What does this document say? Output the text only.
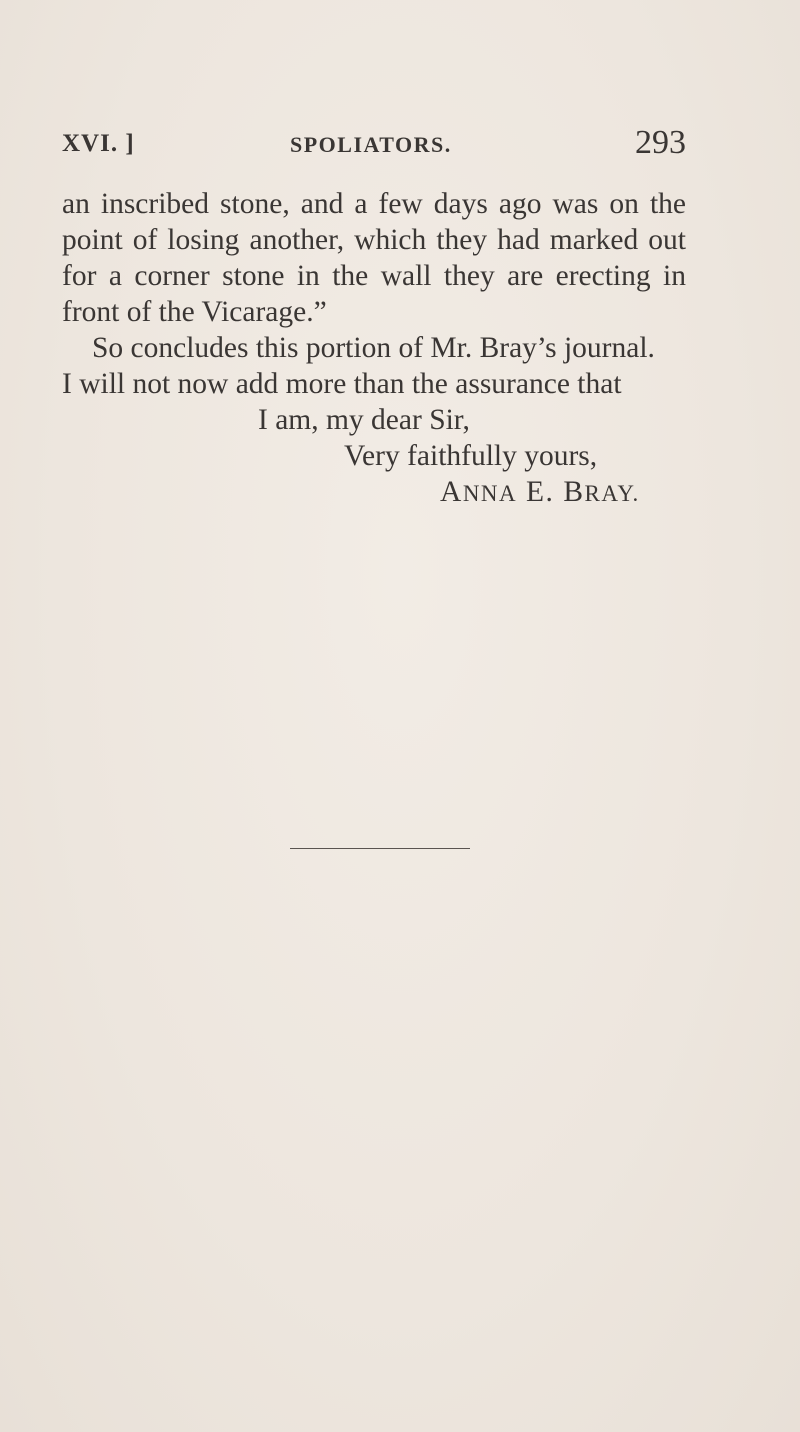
XVI. ]	SPOLIATORS.	293
an inscribed stone, and a few days ago was on the
point of losing another, which they had marked out
for a corner stone in the wall they are erecting in
front of the Vicarage.”
So concludes this portion of Mr. Bray’s journal.
I will not now add more than the assurance that
I am, my dear Sir,
Very faithfully yours,
ANNA E. BRAY.
